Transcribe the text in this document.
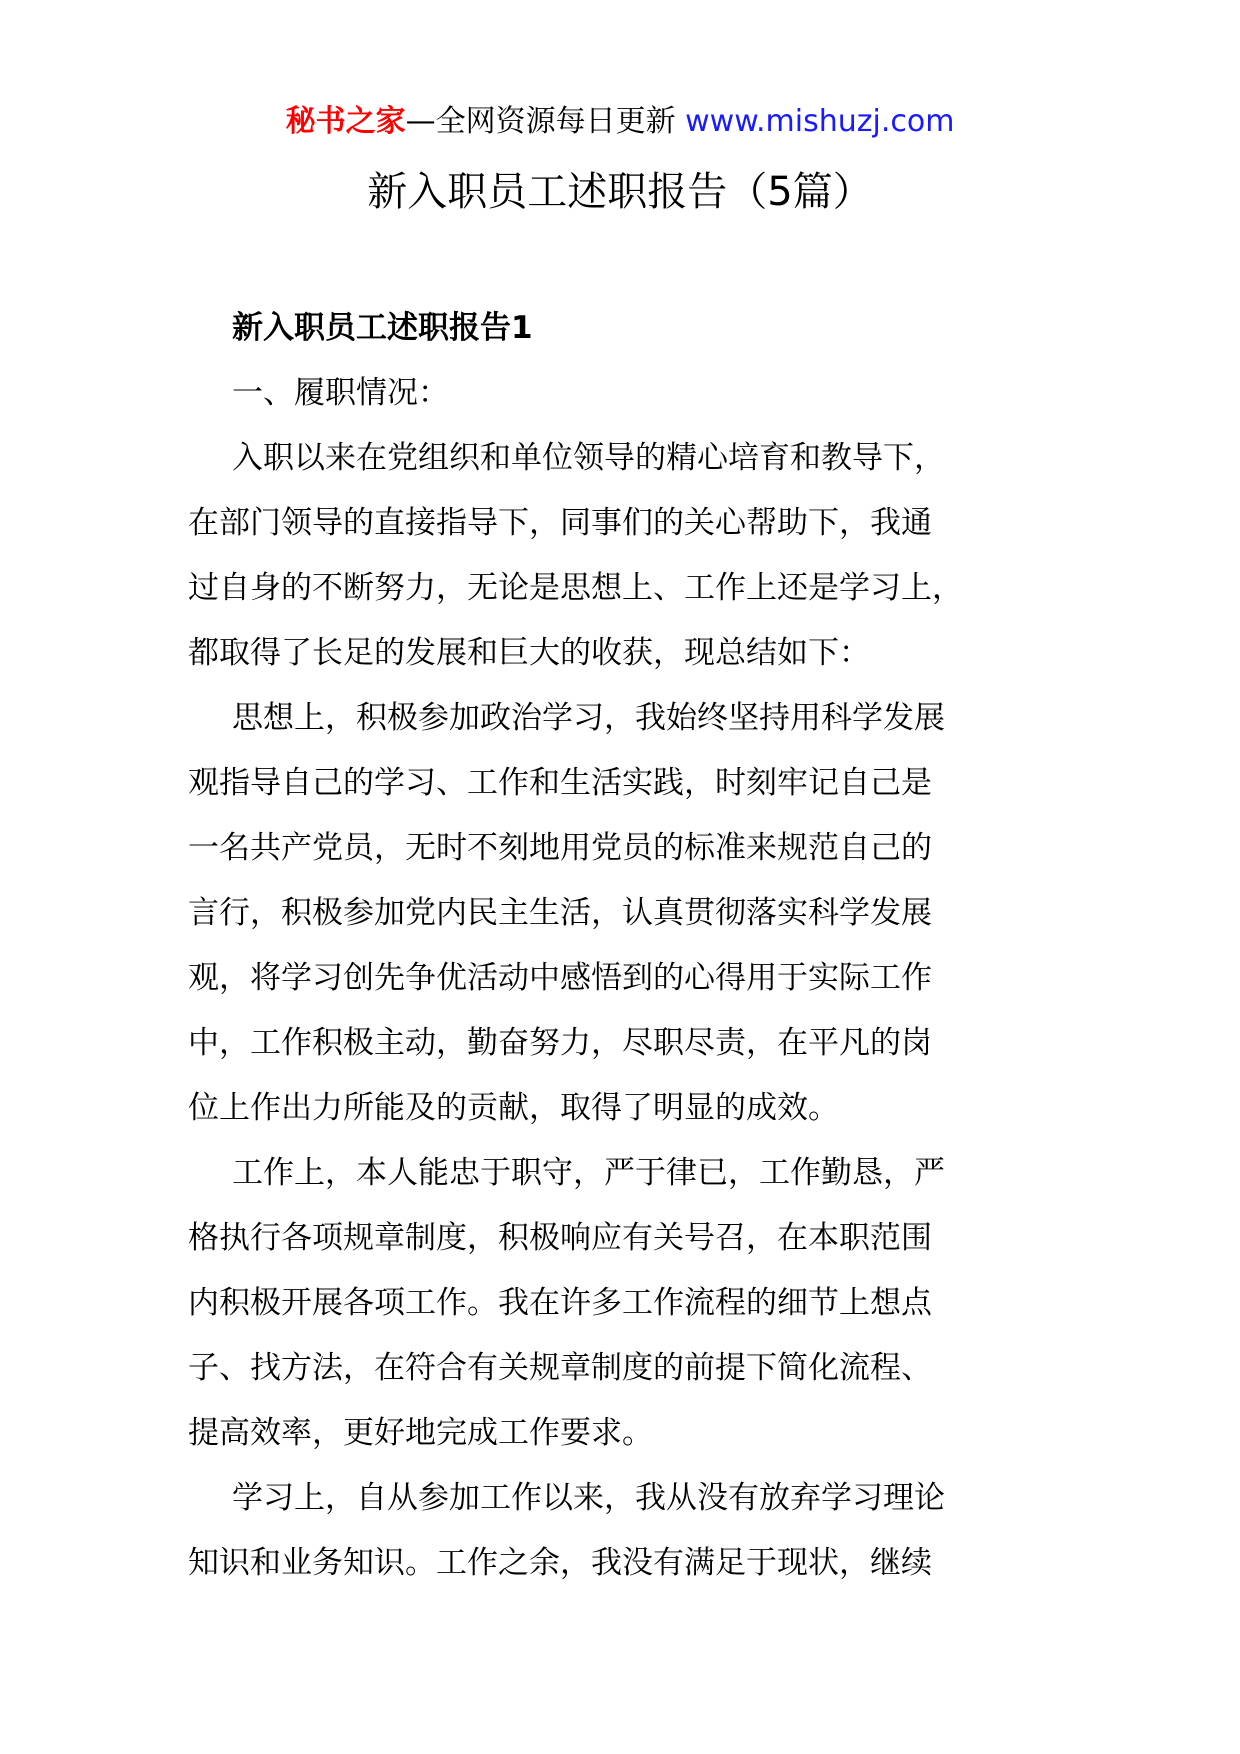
秘书之家—全网资源每日更新 www.mishuzj.com
新入职员工述职报告（5篇）
新入职员工述职报告1
一、履职情况：
入职以来在党组织和单位领导的精心培育和教导下，
在部门领导的直接指导下，同事们的关心帮助下，我通
过自身的不断努力，无论是思想上、工作上还是学习上，
都取得了长足的发展和巨大的收获，现总结如下：
思想上，积极参加政治学习，我始终坚持用科学发展
观指导自己的学习、工作和生活实践，时刻牢记自己是
一名共产党员，无时不刻地用党员的标准来规范自己的
言行，积极参加党内民主生活，认真贯彻落实科学发展
观，将学习创先争优活动中感悟到的心得用于实际工作
中，工作积极主动，勤奋努力，尽职尽责，在平凡的岗
位上作出力所能及的贡献，取得了明显的成效。
工作上，本人能忠于职守，严于律已，工作勤恳，严
格执行各项规章制度，积极响应有关号召，在本职范围
内积极开展各项工作。我在许多工作流程的细节上想点
子、找方法，在符合有关规章制度的前提下简化流程、
提高效率，更好地完成工作要求。
学习上，自从参加工作以来，我从没有放弃学习理论
知识和业务知识。工作之余，我没有满足于现状，继续
